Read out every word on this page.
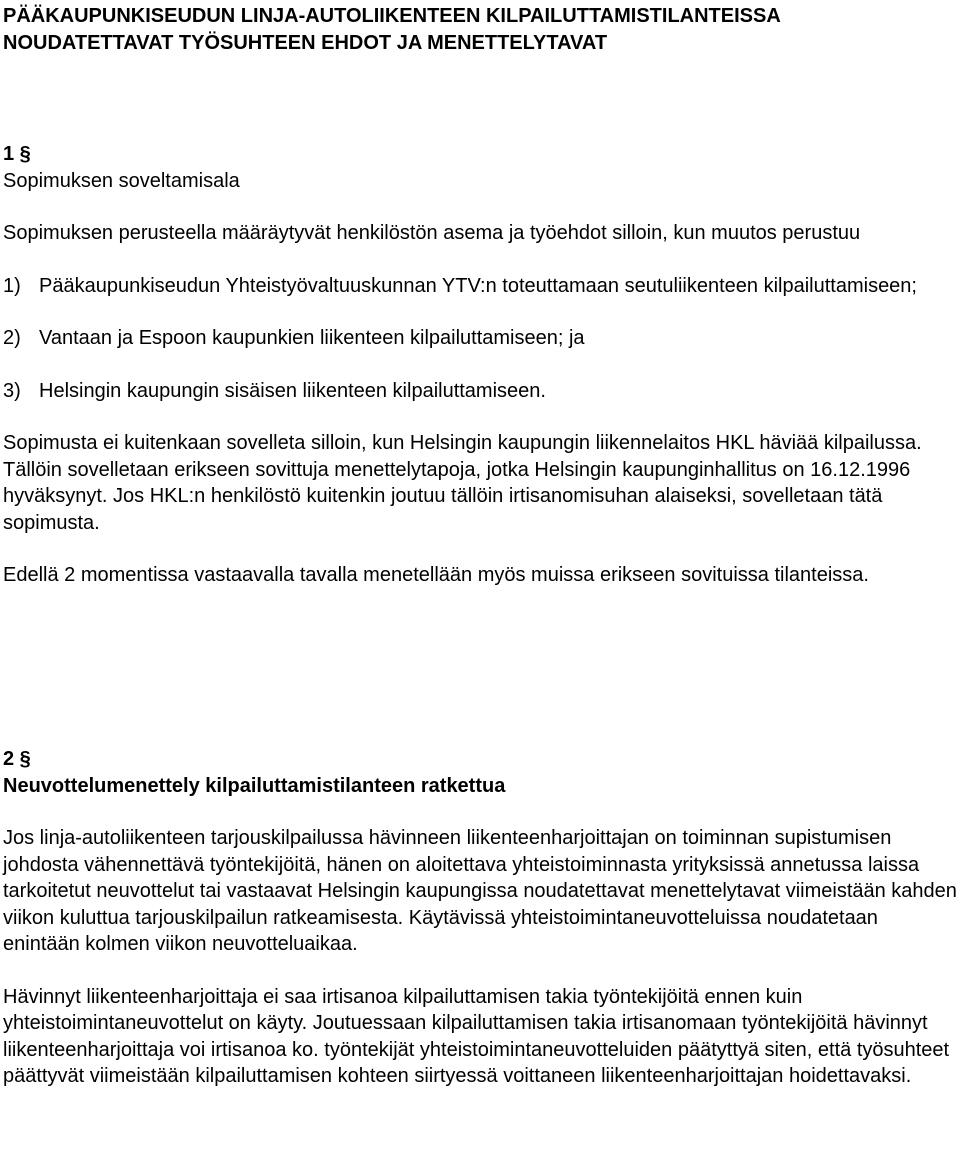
PÄÄKAUPUNKISEUDUN LINJA-AUTOLIIKENTEEN KILPAILUTTAMISTILANTEISSA
NOUDATETTAVAT TYÖSUHTEEN EHDOT JA MENETTELYTAVAT
1 §
Sopimuksen soveltamisala

Sopimuksen perusteella määräytyvät henkilöstön asema ja työehdot silloin, kun muutos perustuu

1) Pääkaupunkiseudun Yhteistyövaltuuskunnan YTV:n toteuttamaan seutuliikenteen kilpailuttamiseen;
2) Vantaan ja Espoon kaupunkien liikenteen kilpailuttamiseen; ja
3) Helsingin kaupungin sisäisen liikenteen kilpailuttamiseen.

Sopimusta ei kuitenkaan sovelleta silloin, kun Helsingin kaupungin liikennelaitos HKL häviää kilpailussa. Tällöin sovelletaan erikseen sovittuja menettelytapoja, jotka Helsingin kaupunginhallitus on 16.12.1996 hyväksynyt. Jos HKL:n henkilöstö kuitenkin joutuu tällöin irtisanomisuhan alaiseksi, sovelletaan tätä sopimusta.

Edellä 2 momentissa vastaavalla tavalla menetellään myös muissa erikseen sovituissa tilanteissa.

2 §
Neuvottelumenettely kilpailuttamistilanteen ratkettua

Jos linja-autoliikenteen tarjouskilpailussa hävinneen liikenteenharjoittajan on toiminnan supistumisen johdosta vähennettävä työntekijöitä, hänen on aloitettava yhteistoiminnasta yrityksissä annetussa laissa tarkoitetut neuvottelut tai vastaavat Helsingin kaupungissa noudatettavat menettelytavat viimeistään kahden viikon kuluttua tarjouskilpailun ratkeamisesta. Käytävissä yhteistoimintaneuvotteluissa noudatetaan enintään kolmen viikon neuvotteluaikaa.

Hävinnyt liikenteenharjoittaja ei saa irtisanoa kilpailuttamisen takia työntekijöitä ennen kuin yhteistoimintaneuvottelut on käyty. Joutuessaan kilpailuttamisen takia irtisanomaan työntekijöitä hävinnyt liikenteenharjoittaja voi irtisanoa ko. työntekijät yhteistoimintaneuvotteluiden päätyttyä siten, että työsuhteet päättyvät viimeistään kilpailuttamisen kohteen siirtyessä voittaneen liikenteenharjoittajan hoidettavaksi.
